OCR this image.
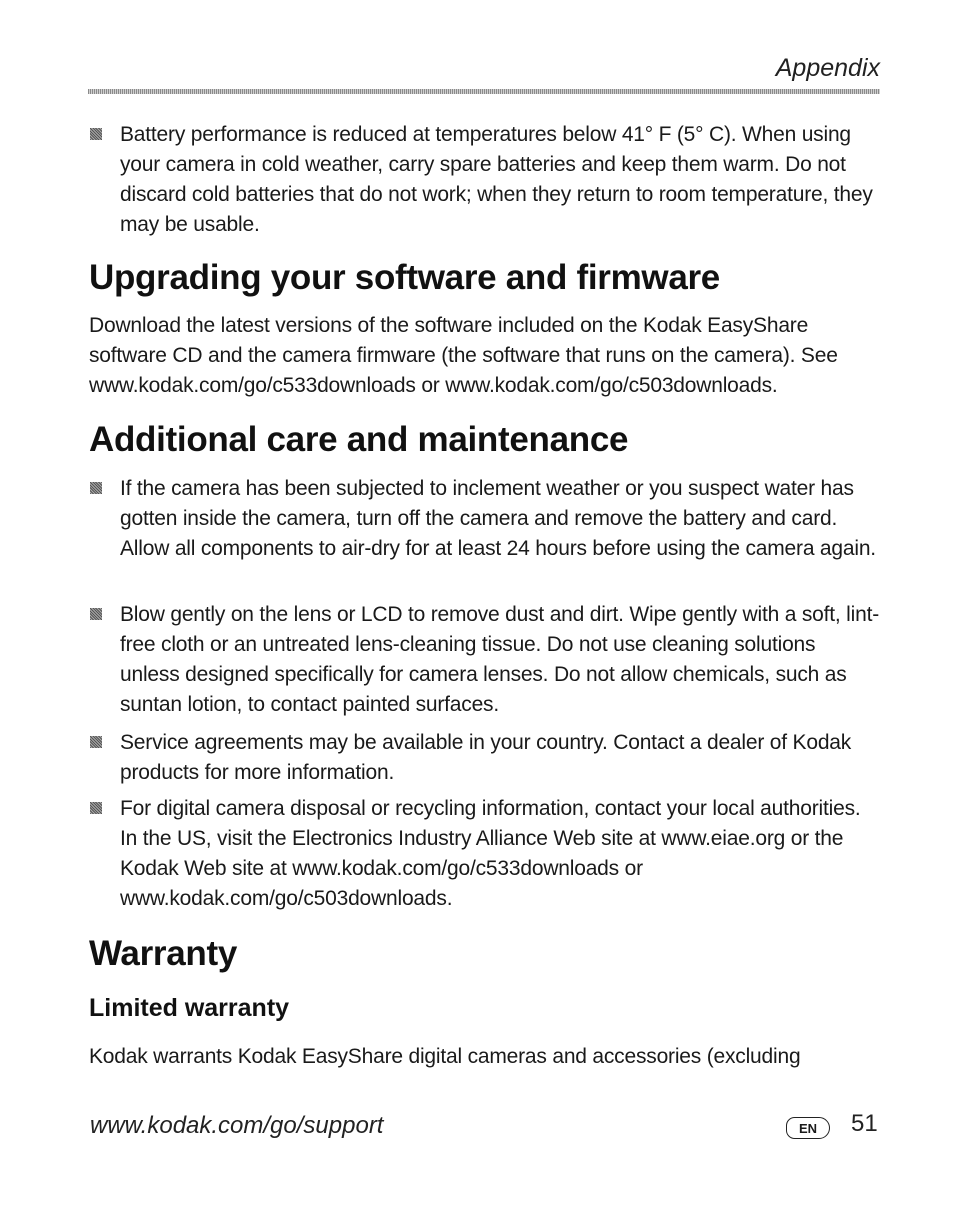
Appendix

Battery performance is reduced at temperatures below 41° F (5° C). When using your camera in cold weather, carry spare batteries and keep them warm. Do not discard cold batteries that do not work; when they return to room temperature, they may be usable.

Upgrading your software and firmware

Download the latest versions of the software included on the Kodak EasyShare software CD and the camera firmware (the software that runs on the camera). See www.kodak.com/go/c533downloads or www.kodak.com/go/c503downloads.

Additional care and maintenance

If the camera has been subjected to inclement weather or you suspect water has gotten inside the camera, turn off the camera and remove the battery and card. Allow all components to air-dry for at least 24 hours before using the camera again.

Blow gently on the lens or LCD to remove dust and dirt. Wipe gently with a soft, lint-free cloth or an untreated lens-cleaning tissue. Do not use cleaning solutions unless designed specifically for camera lenses. Do not allow chemicals, such as suntan lotion, to contact painted surfaces.

Service agreements may be available in your country. Contact a dealer of Kodak products for more information.

For digital camera disposal or recycling information, contact your local authorities. In the US, visit the Electronics Industry Alliance Web site at www.eiae.org or the Kodak Web site at www.kodak.com/go/c533downloads or www.kodak.com/go/c503downloads.

Warranty
Limited warranty

Kodak warrants Kodak EasyShare digital cameras and accessories (excluding

www.kodak.com/go/support	EN	51
